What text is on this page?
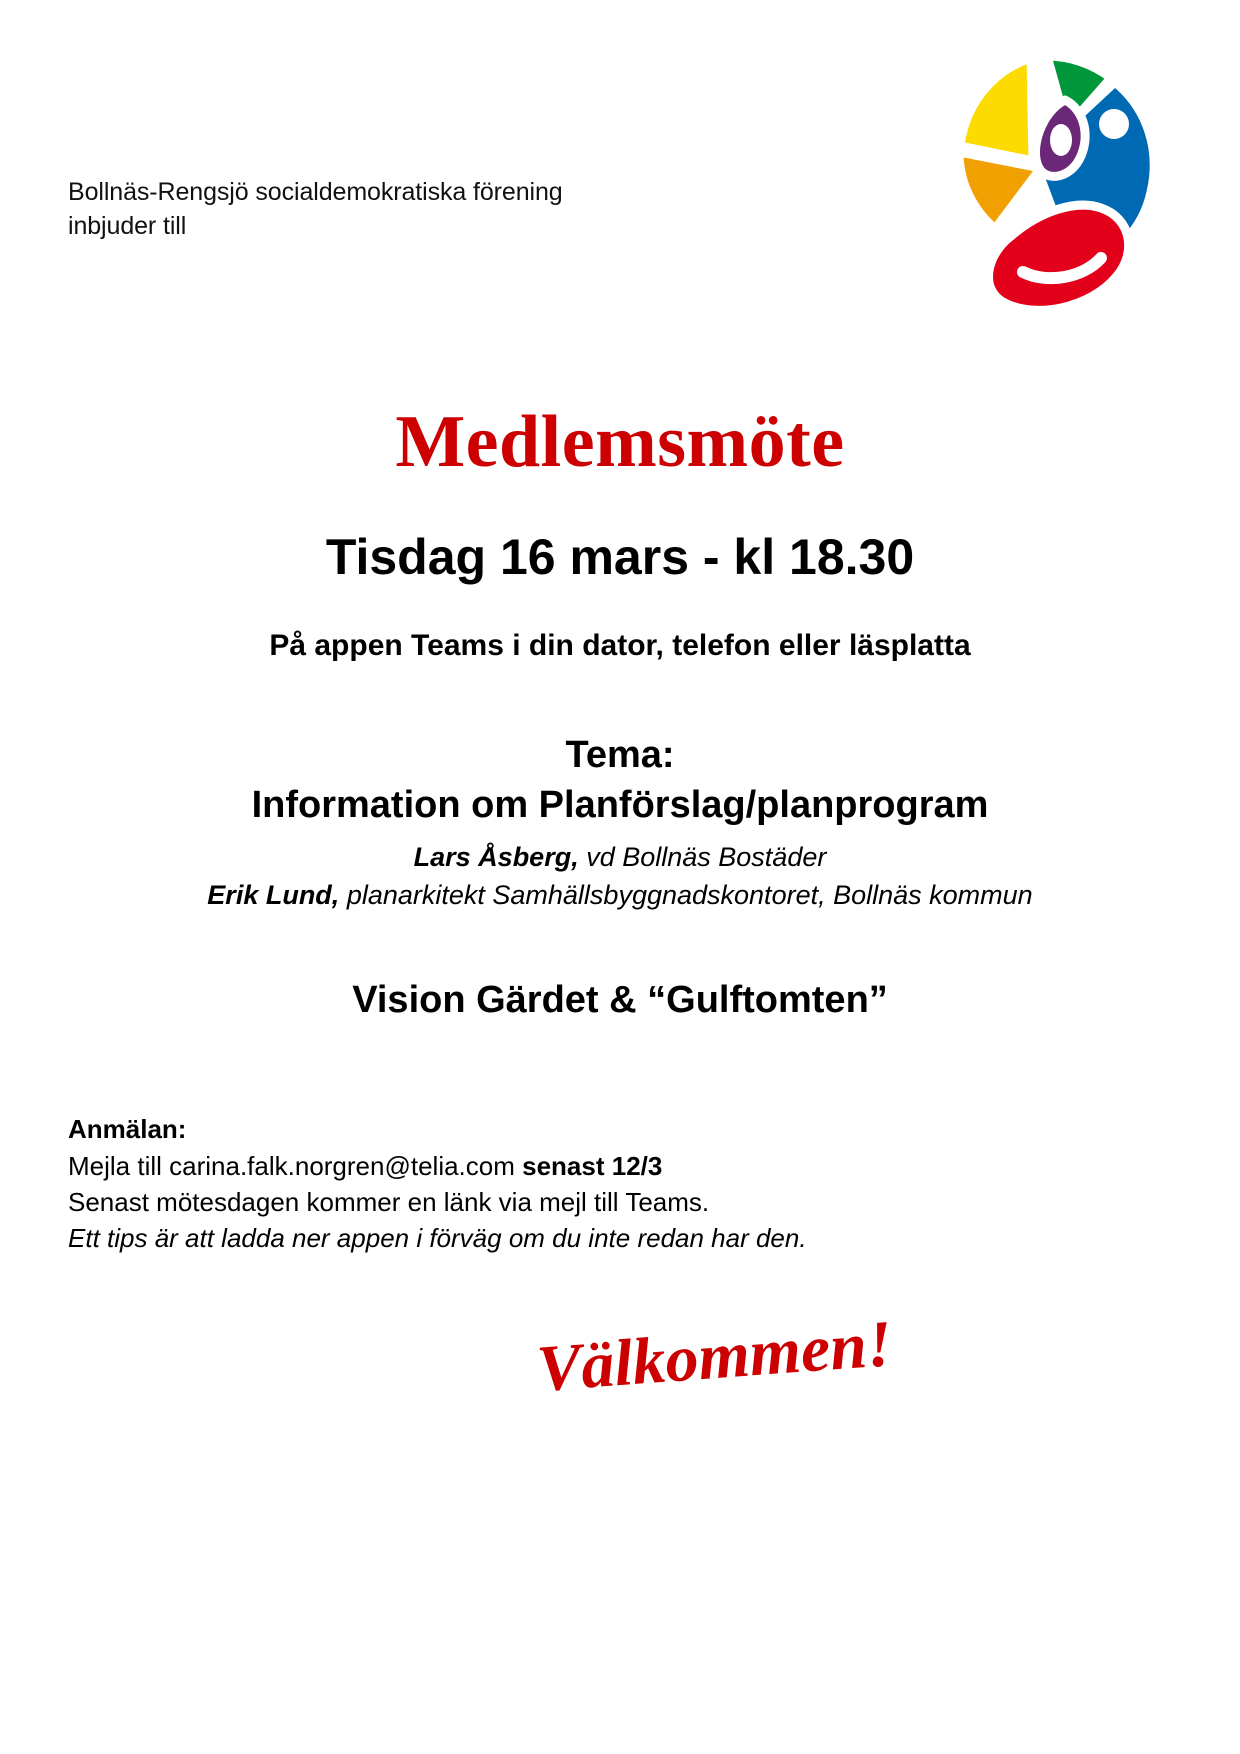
Bollnäs-Rengsjö socialdemokratiska förening
inbjuder till
Medlemsmöte
Tisdag 16 mars - kl 18.30
På appen Teams i din dator, telefon eller läsplatta
Tema:
Information om Planförslag/planprogram
Lars Åsberg, vd Bollnäs Bostäder
Erik Lund, planarkitekt Samhällsbyggnadskontoret, Bollnäs kommun
Vision Gärdet & “Gulftomten”
Anmälan:
Mejla till carina.falk.norgren@telia.com senast 12/3
Senast mötesdagen kommer en länk via mejl till Teams.
Ett tips är att ladda ner appen i förväg om du inte redan har den.
Välkommen!
